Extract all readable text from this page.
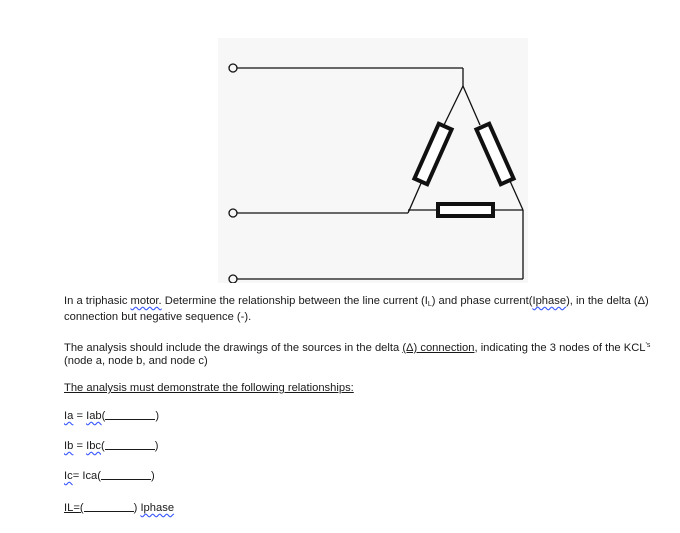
In a triphasic motor. Determine the relationship between the line current $(I_L)$ and phase current(Iphase), in the delta (Δ) connection but negative sequence (-).
The analysis should include the drawings of the sources in the delta (Δ) connection, indicating the 3 nodes of the $KCL^{'s}$ (node a, node b, and node c)
The analysis must demonstrate the following relationships:
Ia = Iab(	)
Ib = Ibc(	)
Ic= Ica(	)
IL=(	) Iphase
